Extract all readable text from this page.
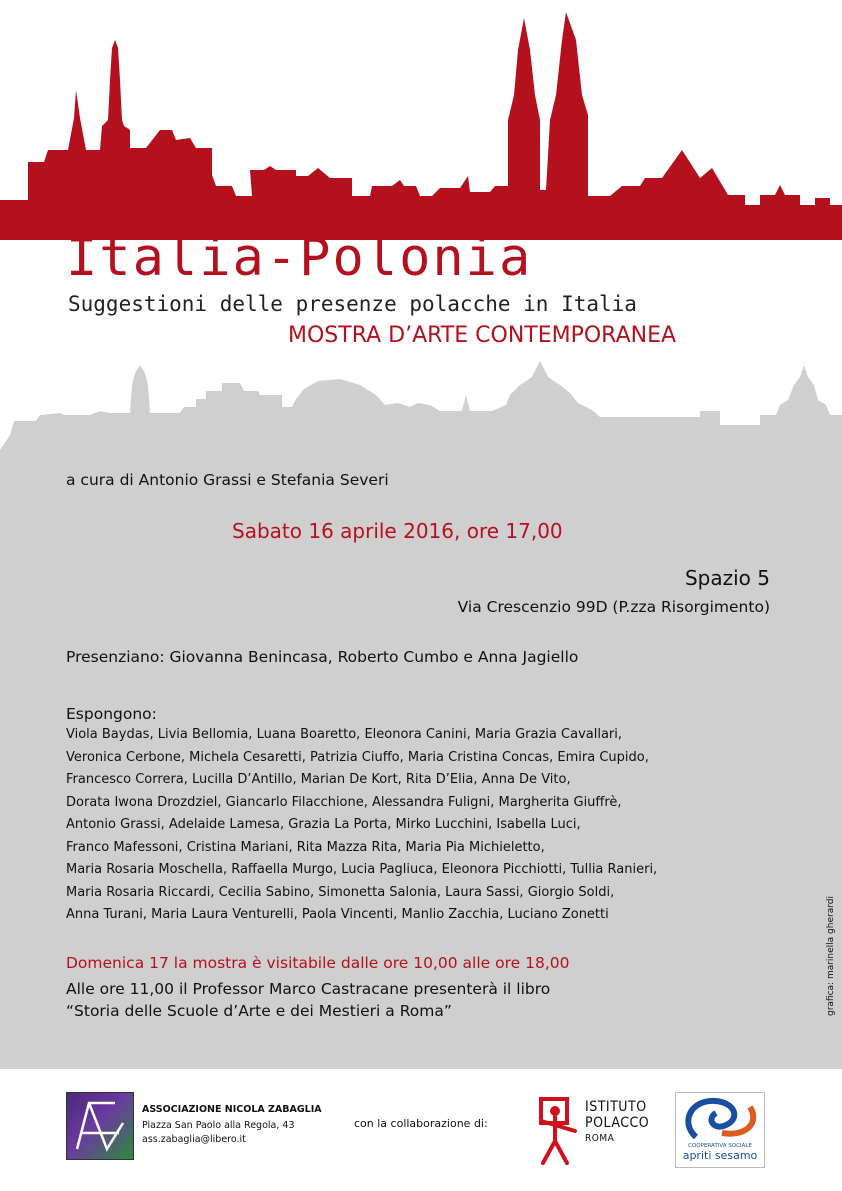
Italia-Polonia
Suggestioni delle presenze polacche in Italia
MOSTRA D’ARTE CONTEMPORANEA
a cura di Antonio Grassi e Stefania Severi
Sabato 16 aprile 2016, ore 17,00
Spazio 5
Via Crescenzio 99D (P.zza Risorgimento)
Presenziano: Giovanna Benincasa, Roberto Cumbo e Anna Jagiello
Espongono:
Viola Baydas, Livia Bellomia, Luana Boaretto, Eleonora Canini, Maria Grazia Cavallari,
Veronica Cerbone, Michela Cesaretti, Patrizia Ciuffo, Maria Cristina Concas, Emira Cupido,
Francesco Correra, Lucilla D’Antillo, Marian De Kort, Rita D’Elia, Anna De Vito,
Dorata Iwona Drozdziel, Giancarlo Filacchione, Alessandra Fuligni, Margherita Giuffrè,
Antonio Grassi, Adelaide Lamesa, Grazia La Porta, Mirko Lucchini, Isabella Luci,
Franco Mafessoni, Cristina Mariani, Rita Mazza Rita, Maria Pia Michieletto,
Maria Rosaria Moschella, Raffaella Murgo, Lucia Pagliuca, Eleonora Picchiotti, Tullia Ranieri,
Maria Rosaria Riccardi, Cecilia Sabino, Simonetta Salonia, Laura Sassi, Giorgio Soldi,
Anna Turani, Maria Laura Venturelli, Paola Vincenti, Manlio Zacchia, Luciano Zonetti
Domenica 17 la mostra è visitabile dalle ore 10,00 alle ore 18,00
Alle ore 11,00 il Professor Marco Castracane presenterà il libro
“Storia delle Scuole d’Arte e dei Mestieri a Roma”	grafica: marinella gherardi
ASSOCIAZIONE NICOLA ZABAGLIA
Piazza San Paolo alla Regola, 43
ass.zabaglia@libero.it
con la collaborazione di:
ISTITUTO
POLACCO
ROMA
COOPERATIVA SOCIALE
apriti sesamo
